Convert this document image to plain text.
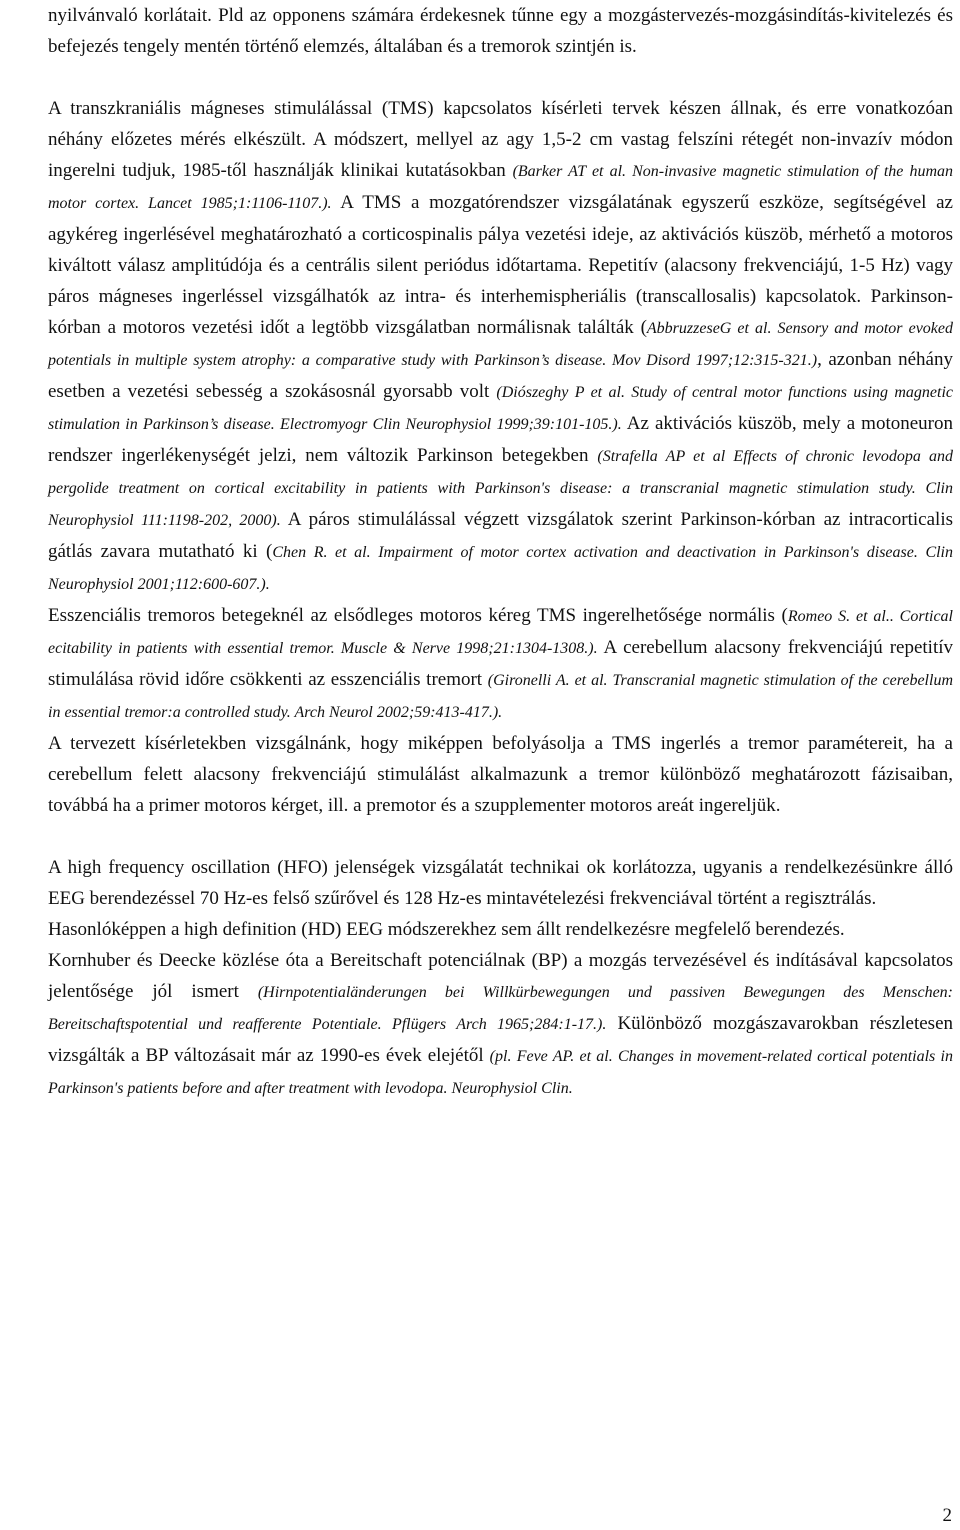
nyilvánvaló korlátait. Pld az opponens számára érdekesnek tűnne egy a mozgástervezés-mozgásindítás-kivitelezés és befejezés tengely mentén történő elemzés, általában és a tremorok szintjén is.

A transzkraniális mágneses stimulálással (TMS) kapcsolatos kísérleti tervek készen állnak, és erre vonatkozóan néhány előzetes mérés elkészült. A módszert, mellyel az agy 1,5-2 cm vastag felszíni rétegét non-invazív módon ingerelni tudjuk, 1985-től használják klinikai kutatásokban (Barker AT et al. Non-invasive magnetic stimulation of the human motor cortex. Lancet 1985;1:1106-1107.). A TMS a mozgatórendszer vizsgálatának egyszerű eszköze, segítségével az agykéreg ingerlésével meghatározható a corticospinalis pálya vezetési ideje, az aktivációs küszöb, mérhető a motoros kiváltott válasz amplitúdója és a centrális silent periódus időtartama. Repetitív (alacsony frekvenciájú, 1-5 Hz) vagy páros mágneses ingerléssel vizsgálhatók az intra- és interhemispheriális (transcallosalis) kapcsolatok. Parkinson-kórban a motoros vezetési időt a legtöbb vizsgálatban normálisnak találták (AbbruzzeseG et al. Sensory and motor evoked potentials in multiple system atrophy: a comparative study with Parkinson’s disease. Mov Disord 1997;12:315-321.), azonban néhány esetben a vezetési sebesség a szokásosnál gyorsabb volt (Diószeghy P et al. Study of central motor functions using magnetic stimulation in Parkinson’s disease. Electromyogr Clin Neurophysiol 1999;39:101-105.). Az aktivációs küszöb, mely a motoneuron rendszer ingerlékenységét jelzi, nem változik Parkinson betegekben (Strafella AP et al Effects of chronic levodopa and pergolide treatment on cortical excitability in patients with Parkinson's disease: a transcranial magnetic stimulation study. Clin Neurophysiol 111:1198-202, 2000). A páros stimulálással végzett vizsgálatok szerint Parkinson-kórban az intracorticalis gátlás zavara mutatható ki (Chen R. et al. Impairment of motor cortex activation and deactivation in Parkinson's disease. Clin Neurophysiol 2001;112:600-607.).

Esszenciális tremoros betegeknél az elsődleges motoros kéreg TMS ingerelhetősége normális (Romeo S. et al.. Cortical ecitability in patients with essential tremor. Muscle & Nerve 1998;21:1304-1308.). A cerebellum alacsony frekvenciájú repetitív stimulálása rövid időre csökkenti az esszenciális tremort (Gironelli A. et al. Transcranial magnetic stimulation of the cerebellum in essential tremor:a controlled study. Arch Neurol 2002;59:413-417.).

A tervezett kísérletekben vizsgálnánk, hogy miképpen befolyásolja a TMS ingerlés a tremor paramétereit, ha a cerebellum felett alacsony frekvenciájú stimulálást alkalmazunk a tremor különböző meghatározott fázisaiban, továbbá ha a primer motoros kérget, ill. a premotor és a szupplementer motoros areát ingereljük.

A high frequency oscillation (HFO) jelenségek vizsgálatát technikai ok korlátozza, ugyanis a rendelkezésünkre álló EEG berendezéssel 70 Hz-es felső szűrővel és 128 Hz-es mintavételezési frekvenciával történt a regisztrálás.

Hasonlóképpen a high definition (HD) EEG módszerekhez sem állt rendelkezésre megfelelő berendezés.

Kornhuber és Deecke közlése óta a Bereitschaft potenciálnak (BP) a mozgás tervezésével és indításával kapcsolatos jelentősége jól ismert (Hirnpotentialänderungen bei Willkürbewegungen und passiven Bewegungen des Menschen: Bereitschaftspotential und reafferente Potentiale. Pflügers Arch 1965;284:1-17.). Különböző mozgászavarokban részletesen vizsgálták a BP változásait már az 1990-es évek elejétől (pl. Feve AP. et al. Changes in movement-related cortical potentials in Parkinson's patients before and after treatment with levodopa. Neurophysiol Clin.

2
